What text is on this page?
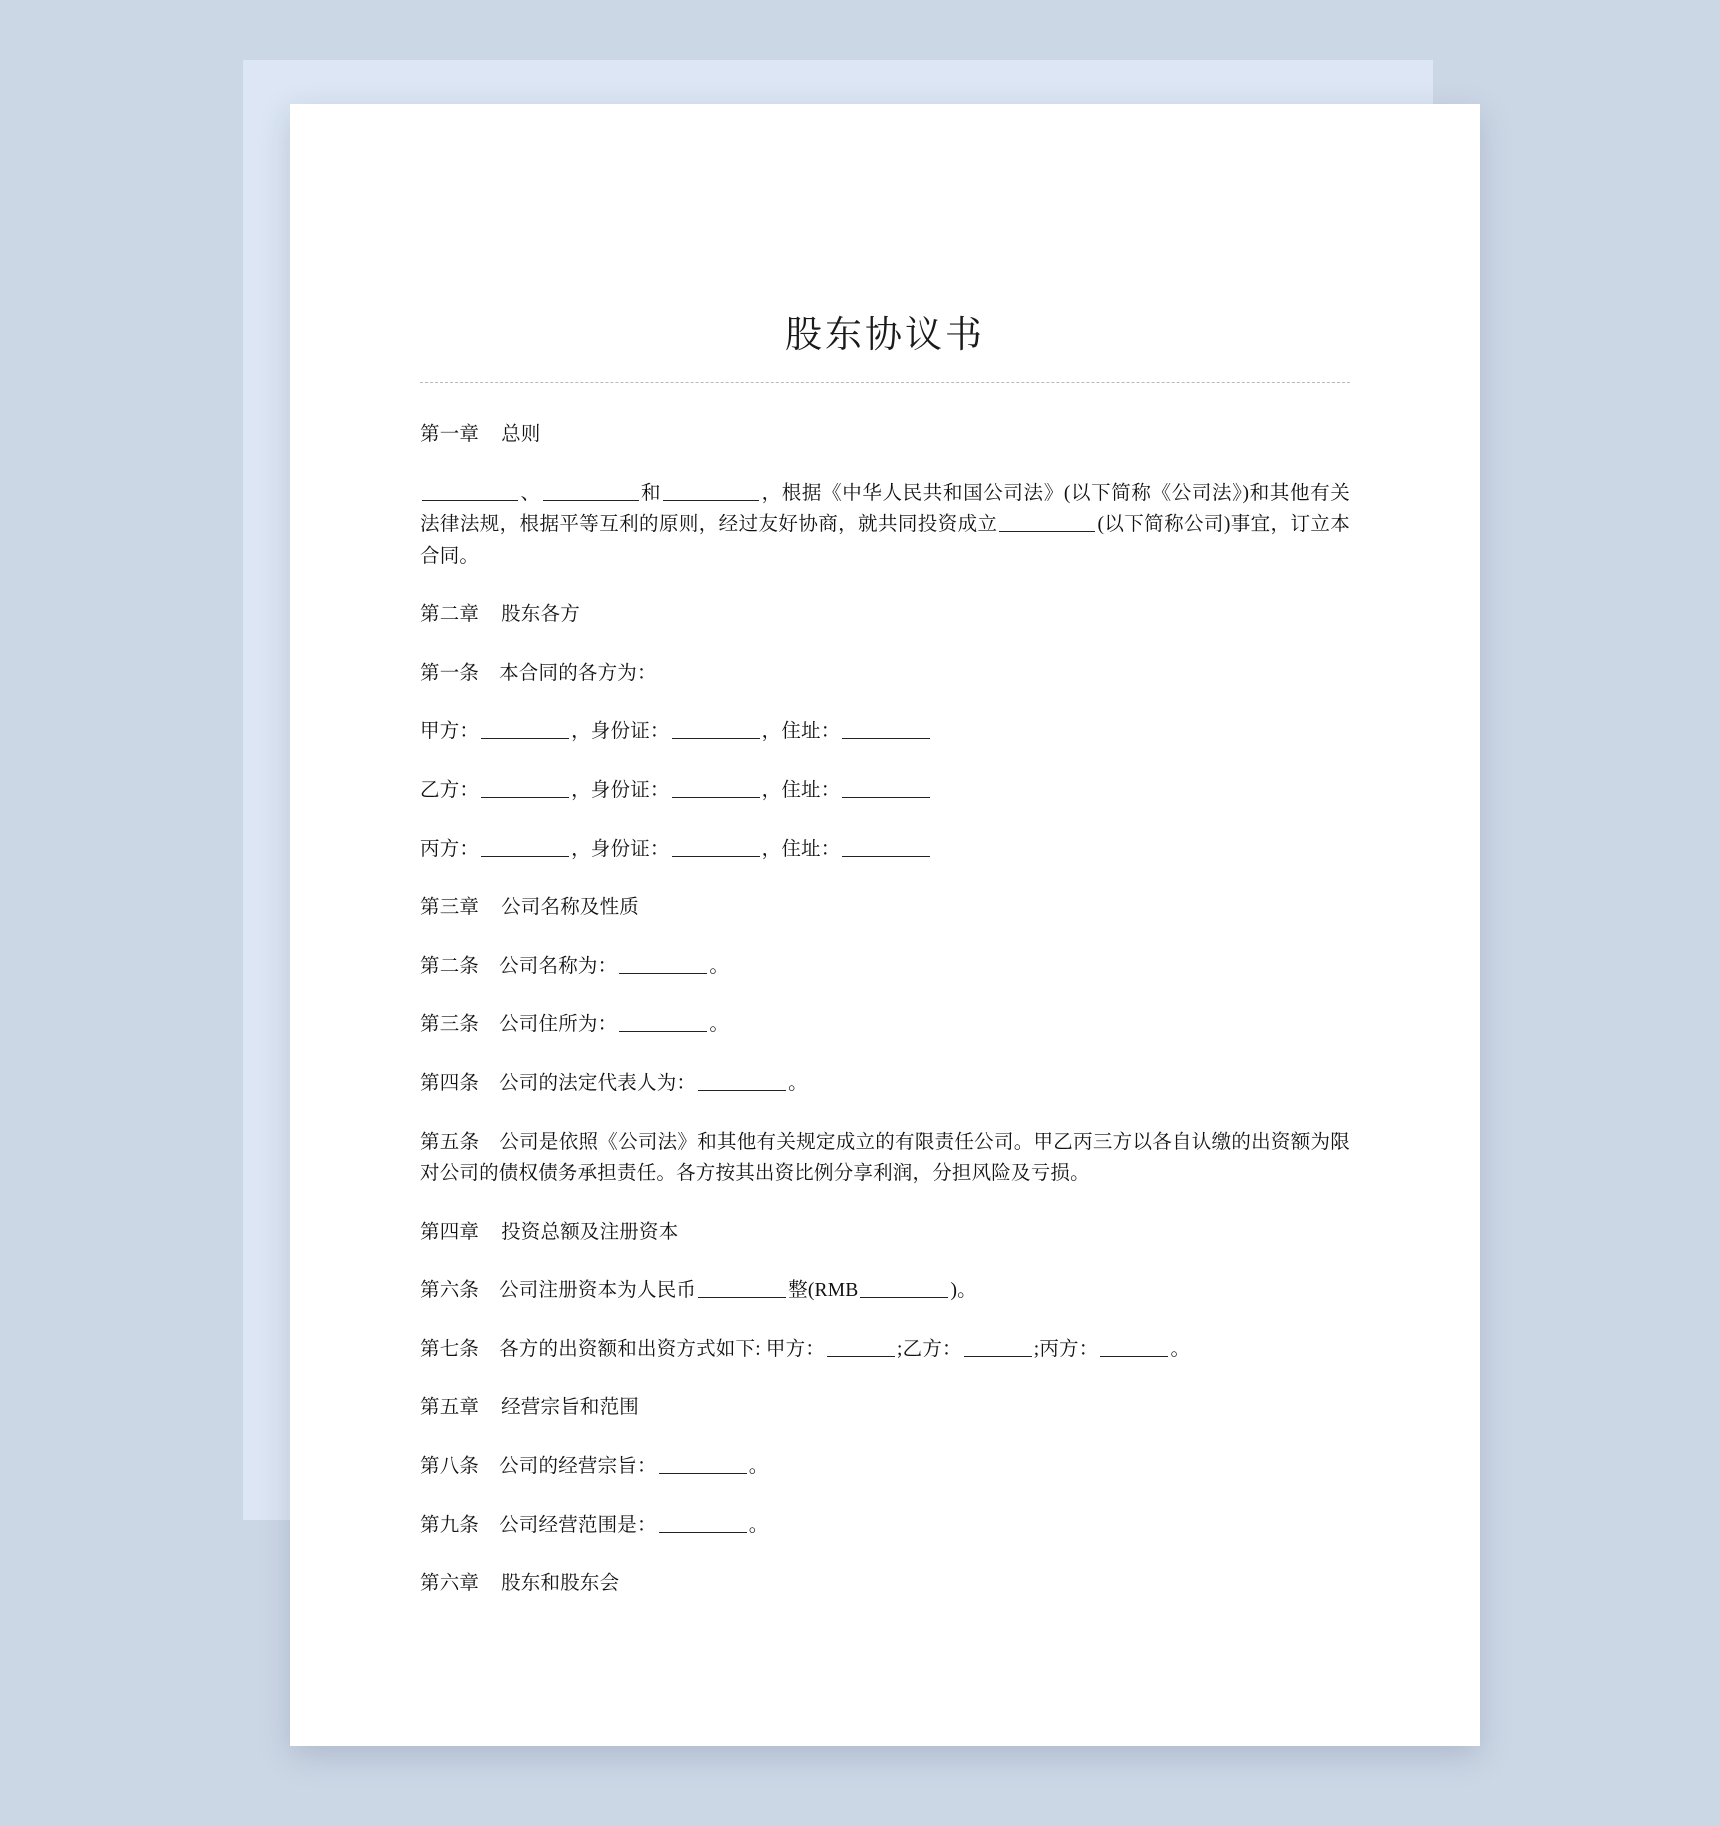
股东协议书

第一章 总则

、	和	，根据《中华人民共和国公司法》(以下简称《公司法》)和其他有关法律法规，根据平等互利的原则，经过友好协商，就共同投资成立	(以下简称公司)事宜，订立本合同。

第二章 股东各方

第一条 本合同的各方为：

甲方：	，身份证：	，住址：

乙方：	，身份证：	，住址：

丙方：	，身份证：	，住址：

第三章 公司名称及性质

第二条 公司名称为：	。

第三条 公司住所为：	。

第四条 公司的法定代表人为：	。

第五条 公司是依照《公司法》和其他有关规定成立的有限责任公司。甲乙丙三方以各自认缴的出资额为限对公司的债权债务承担责任。各方按其出资比例分享利润，分担风险及亏损。

第四章 投资总额及注册资本

第六条 公司注册资本为人民币	整(RMB	)。

第七条 各方的出资额和出资方式如下: 甲方：	;乙方：	;丙方：	。

第五章 经营宗旨和范围

第八条 公司的经营宗旨：	。

第九条 公司经营范围是：	。

第六章 股东和股东会
